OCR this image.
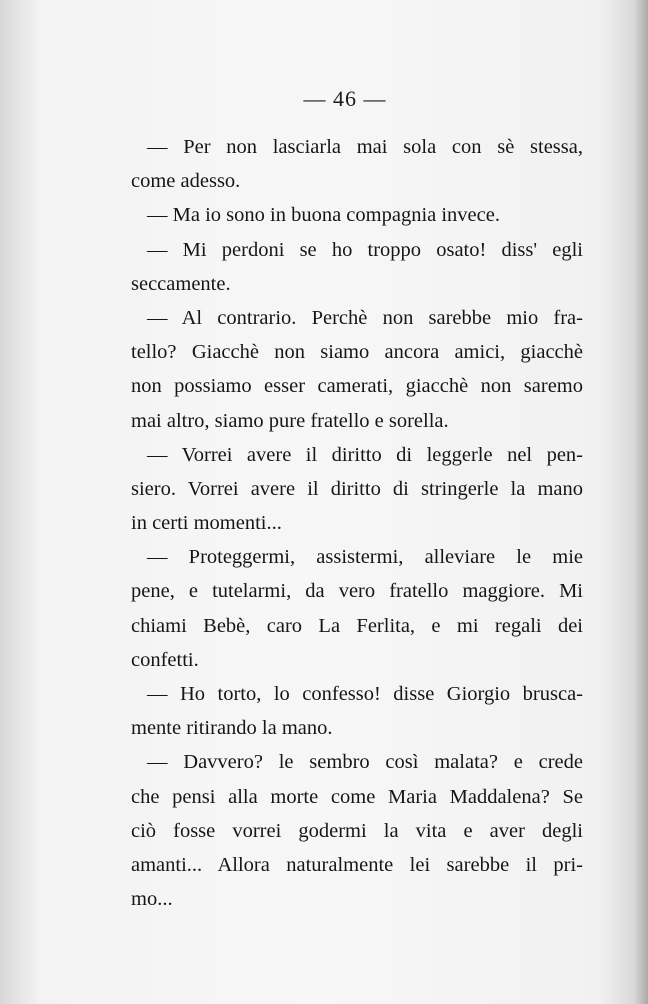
— 46 —
— Per non lasciarla mai sola con sè stessa,
come adesso.
— Ma io sono in buona compagnia invece.
— Mi perdoni se ho troppo osato! diss' egli
seccamente.
— Al contrario. Perchè non sarebbe mio fra-
tello? Giacchè non siamo ancora amici, giacchè
non possiamo esser camerati, giacchè non saremo
mai altro, siamo pure fratello e sorella.
— Vorrei avere il diritto di leggerle nel pen-
siero. Vorrei avere il diritto di stringerle la mano
in certi momenti...
— Proteggermi, assistermi, alleviare le mie
pene, e tutelarmi, da vero fratello maggiore. Mi
chiami Bebè, caro La Ferlita, e mi regali dei
confetti.
— Ho torto, lo confesso! disse Giorgio brusca-
mente ritirando la mano.
— Davvero? le sembro così malata? e crede
che pensi alla morte come Maria Maddalena? Se
ciò fosse vorrei godermi la vita e aver degli
amanti... Allora naturalmente lei sarebbe il pri-
mo...
